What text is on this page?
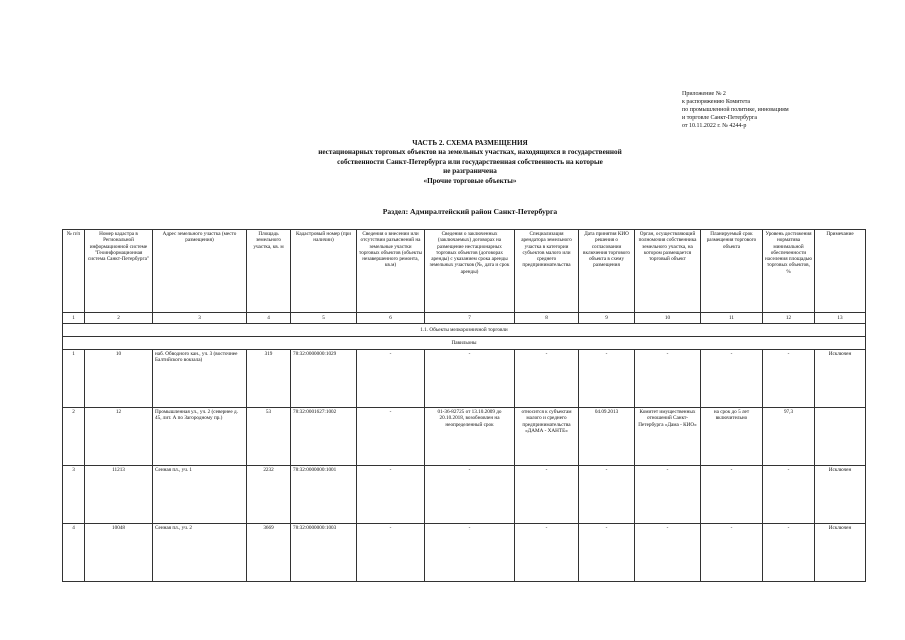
Приложение № 2
к распоряжению Комитета
по промышленной политике, инновациям
и торговле Санкт-Петербурга
от 10.11.2022 г. № 4244-р
ЧАСТЬ 2. СХЕМА РАЗМЕЩЕНИЯ
нестационарных торговых объектов на земельных участках, находящихся в государственной
собственности Санкт-Петербурга или государственная собственность на которые
не разграничена
«Прочие торговые объекты»
Раздел: Адмиралтейский район Санкт-Петербурга
№ п/п	Номер кадастра в Региональной информационной системе "Геоинформационная система Санкт-Петербурга"	Адрес земельного участка (место размещения)	Площадь земельного участка, кв. м	Кадастровый номер (при наличии)	Сведения о внесении или отсутствии разъяснений на земельные участки торговых объектов (объекты незавершенного ремонта, кв.м)	Сведения о заключенных (заключаемых) договорах на размещение нестационарных торговых объектов (договорах аренды) с указанием срока аренды земельных участков (№, дата и срок аренды)	Специализация арендатора земельного участка в категории субъектов малого или среднего предпринимательства	Дата принятия КИО решения о согласовании включения торгового объекта в схему размещения	Орган, осуществляющий полномочия собственника земельного участка, на котором размещается торговый объект	Планируемый срок размещения торгового объекта	Уровень достижения норматива минимальной обеспеченности населения площадью торговых объектов, %	Примечание
1	2	3	4	5	6	7	8	9	10	11	12	13
1.1. Объекты мелкорозничной торговли												
Павильоны												
1	10	наб. Обводного кан., уч. 3 (восточнее Балтийского вокзала)	319	78:32:0000000:1029	-	-	-	-	-	-	-	Исключен
2	12	Промышленная ул., уч. 2 (севернее д. 45, лит. А по Загородному пр.)	53	78:32:0001627:1002	-	01-36-82725 от 13.10.2009 до 20.10.2018, возобновлен на неопределенный срок	относится к субъектам малого и среднего предпринимательства «ДАМА - ХАНТЕ»	04.09.2013	Комитет имущественных отношений Санкт-Петербурга «Дама - КИО»	на срок до 5 лет включительно	97,3	
3	11213	Сенная пл., уч. 1	2232	78:32:0000000:1001	-	-	-	-	-	-	-	Исключен
4	10048	Сенная пл., уч. 2	3669	78:32:0000000:1003	-	-	-	-	-	-	-	Исключен
